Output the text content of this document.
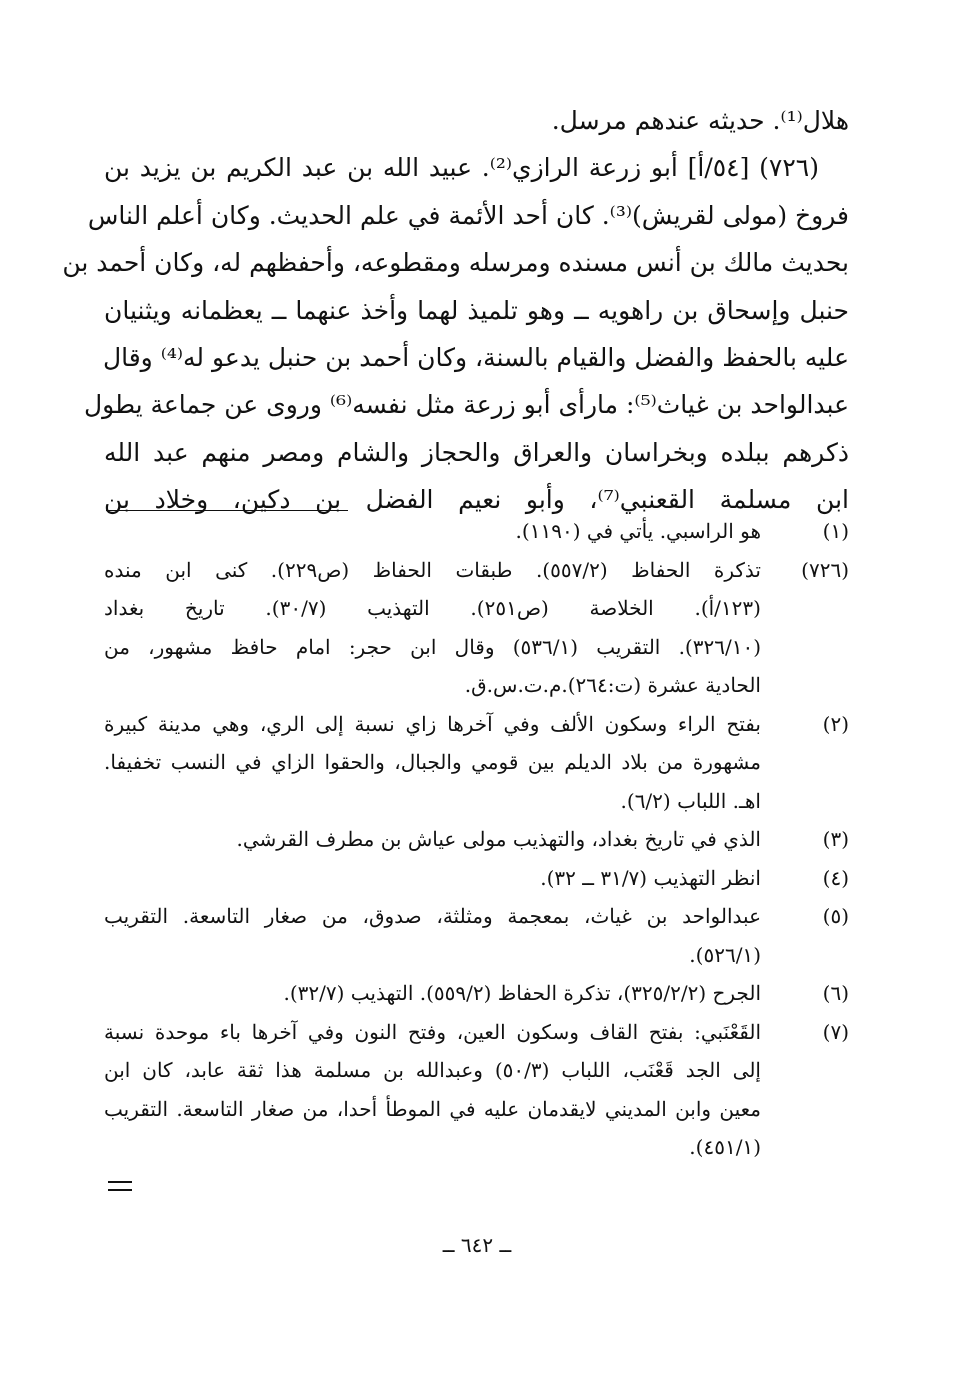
هلال⁽¹⁾. حديثه عندهم مرسل.
(٧٢٦) [٥٤/أ] أبو زرعة الرازي⁽²⁾. عبيد الله بن عبد الكريم بن يزيد بن
فروخ (مولى لقريش)⁽³⁾. كان أحد الأئمة في علم الحديث. وكان أعلم الناس
بحديث مالك بن أنس مسنده ومرسله ومقطوعه، وأحفظهم له، وكان أحمد بن
حنبل وإسحاق بن راهويه ــ وهو تلميذ لهما وأخذ عنهما ــ يعظمانه ويثنيان
عليه بالحفظ والفضل والقيام بالسنة، وكان أحمد بن حنبل يدعو له⁽⁴⁾ وقال
عبدالواحد بن غياث⁽⁵⁾: مارأى أبو زرعة مثل نفسه⁽⁶⁾ وروى عن جماعة يطول
ذكرهم ببلده وبخراسان والعراق والحجاز والشام ومصر منهم عبد الله
ابن مسلمة القعنبي⁽⁷⁾، وأبو نعيم الفضل بن دكين، وخلاد بن
(١)
هو الراسبي. يأتي في (١١٩٠).
(٧٢٦)
تذكرة الحفاظ (٥٥٧/٢). طبقات الحفاظ (ص٢٢٩). كنى ابن منده
(١٢٣/أ). الخلاصة (ص٢٥١). التهذيب (٣٠/٧). تاريخ بغداد
(٣٢٦/١٠). التقريب (٥٣٦/١) وقال ابن حجر: امام حافظ مشهور، من
الحادية عشرة (ت:٢٦٤).م.ت.س.ق.
(٢)
بفتح الراء وسكون الألف وفي آخرها زاي نسبة إلى الري، وهي مدينة كبيرة
مشهورة من بلاد الديلم بين قومي والجبال، والحقوا الزاي في النسب تخفيفا.
اهـ. اللباب (٦/٢).
(٣)
الذي في تاريخ بغداد، والتهذيب مولى عياش بن مطرف القرشي.
(٤)
انظر التهذيب (٣١/٧ ــ ٣٢).
(٥)
عبدالواحد بن غياث، بمعجمة ومثلثة، صدوق، من صغار التاسعة. التقريب
(٥٢٦/١).
(٦)
الجرح (٣٢٥/٢/٢)، تذكرة الحفاظ (٥٥٩/٢). التهذيب (٣٢/٧).
(٧)
القَعْنَبي: بفتح القاف وسكون العين، وفتح النون وفي آخرها باء موحدة نسبة
إلى الجد قَعْنَب، اللباب (٥٠/٣) وعبدالله بن مسلمة هذا ثقة عابد، كان ابن
معين وابن المديني لايقدمان عليه في الموطأ أحدا، من صغار التاسعة. التقريب
(٤٥١/١).
ــ ٦٤٢ ــ
